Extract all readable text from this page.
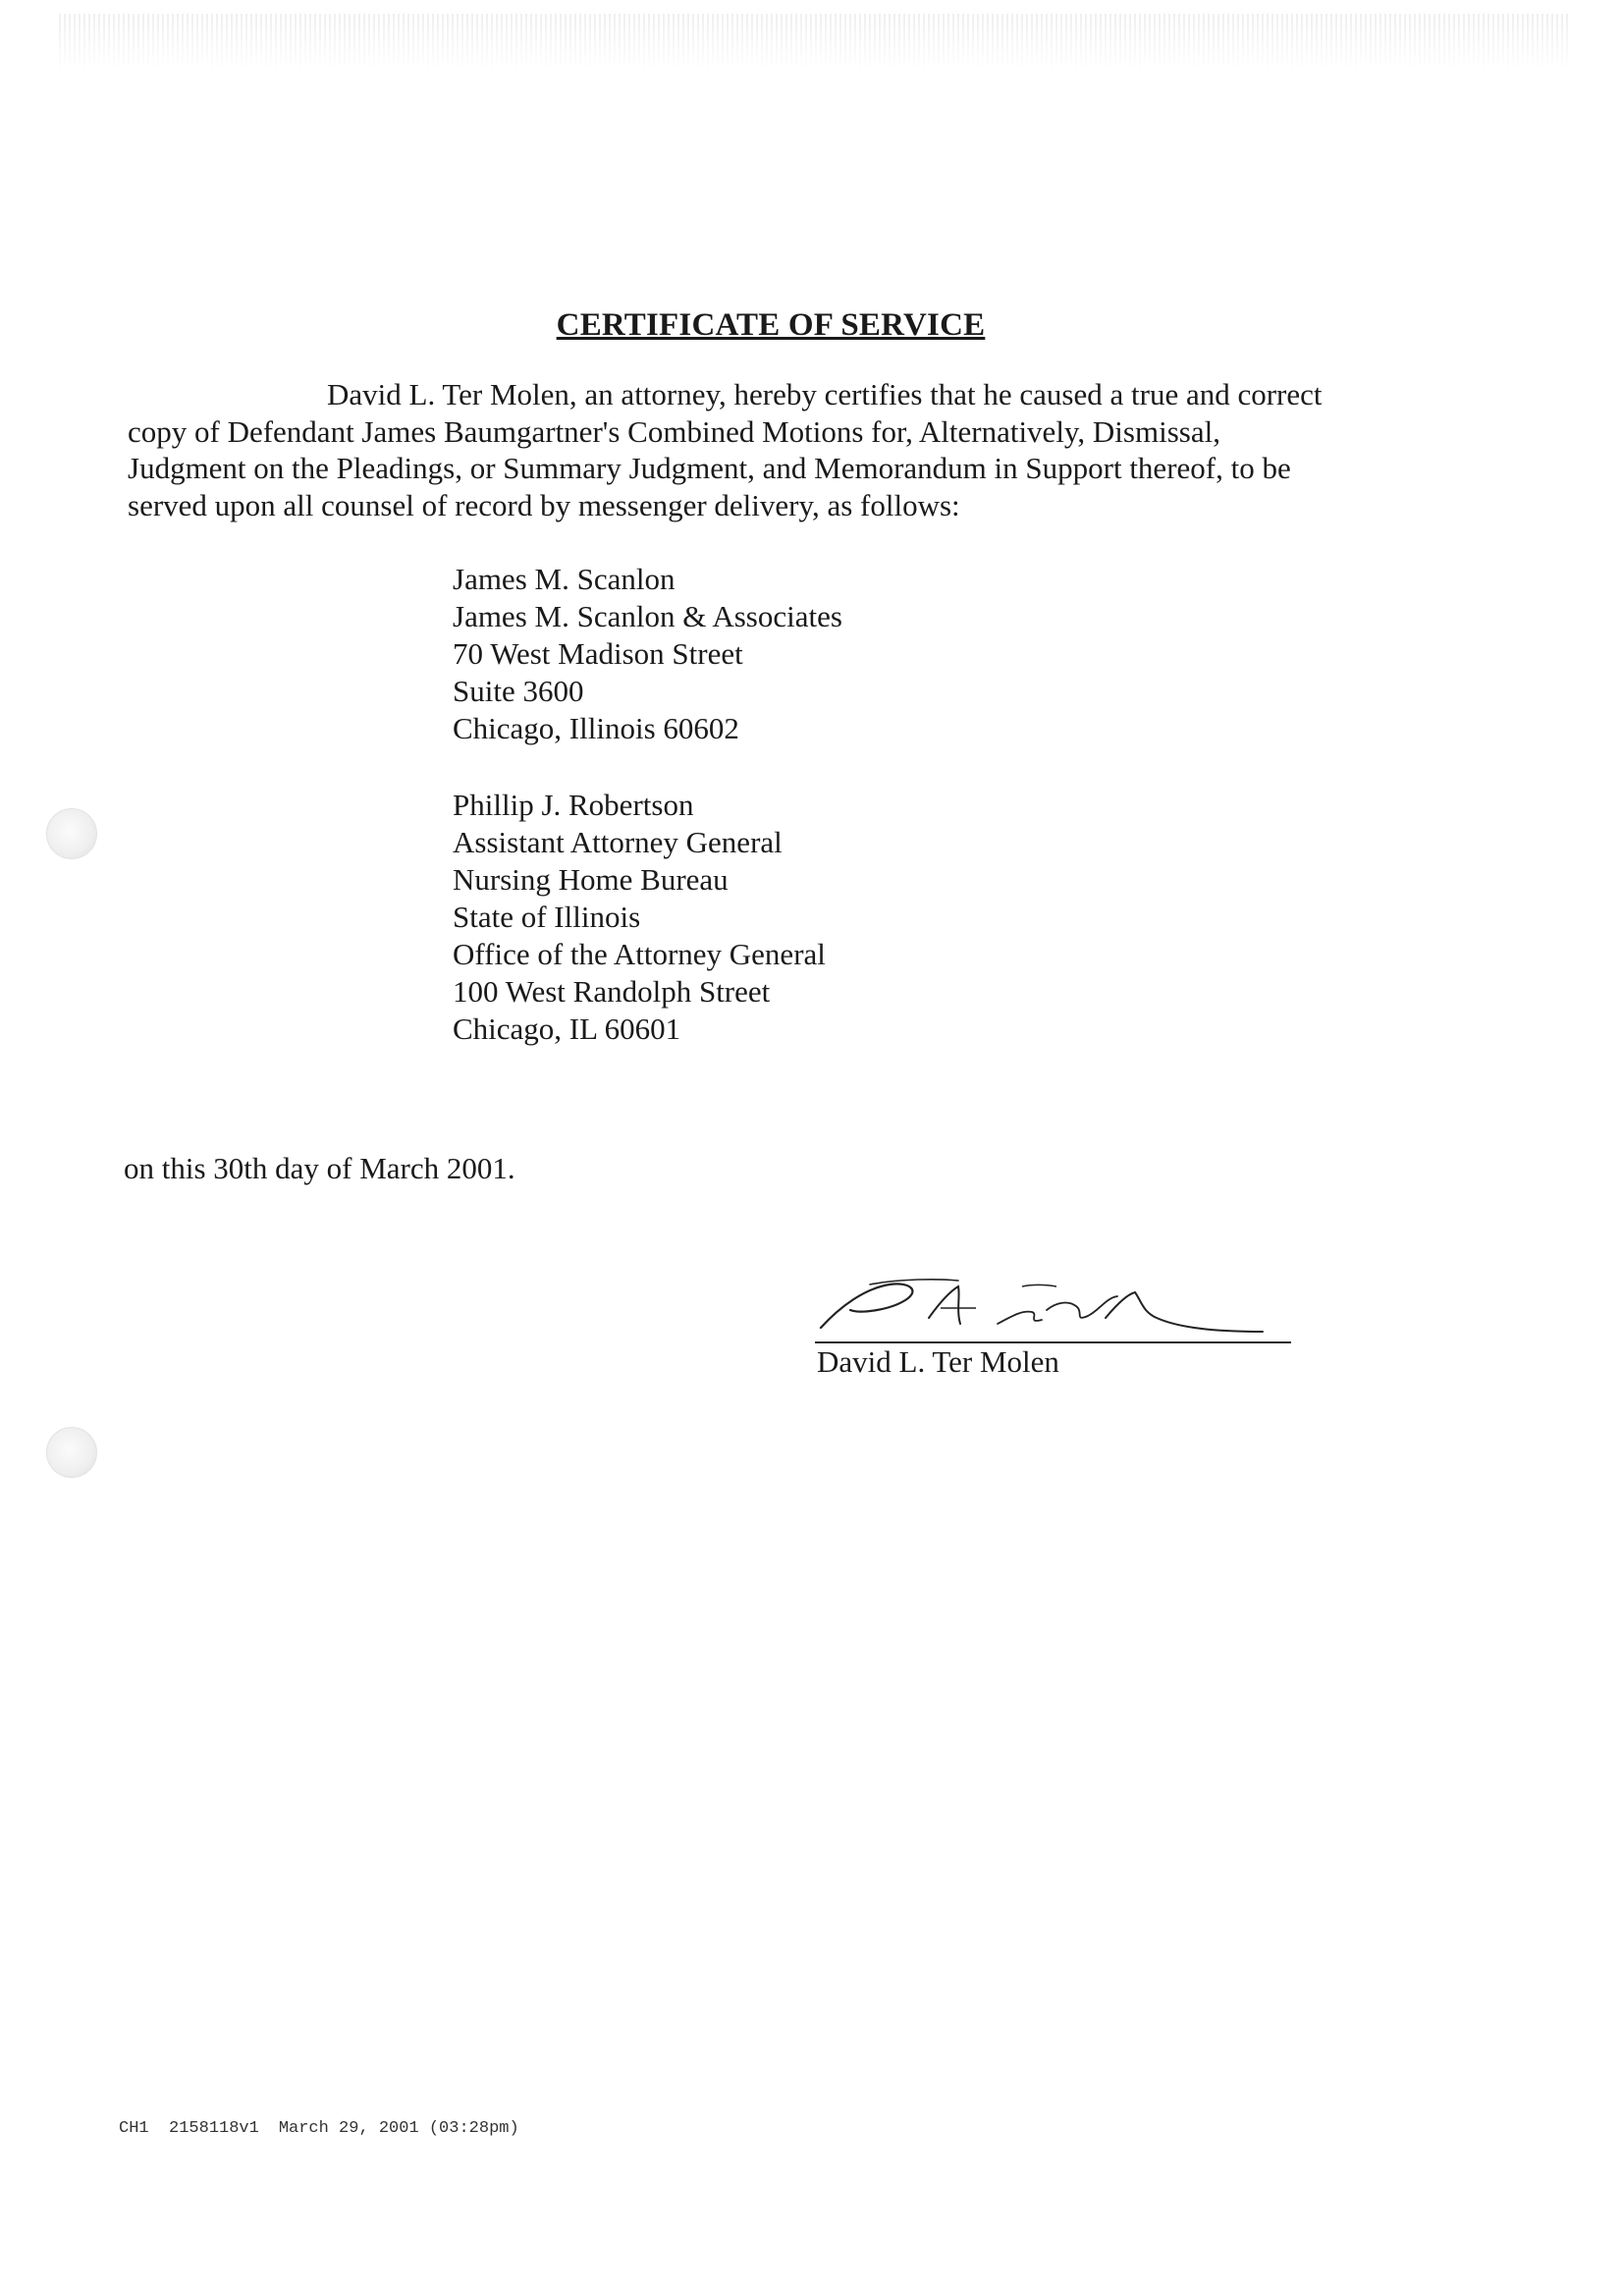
CERTIFICATE OF SERVICE
David L. Ter Molen, an attorney, hereby certifies that he caused a true and correct
copy of Defendant James Baumgartner's Combined Motions for, Alternatively, Dismissal,
Judgment on the Pleadings, or Summary Judgment, and Memorandum in Support thereof, to be
served upon all counsel of record by messenger delivery, as follows:
James M. Scanlon
James M. Scanlon & Associates
70 West Madison Street
Suite 3600
Chicago, Illinois 60602
Phillip J. Robertson
Assistant Attorney General
Nursing Home Bureau
State of Illinois
Office of the Attorney General
100 West Randolph Street
Chicago, IL 60601
on this 30th day of March 2001.
David L. Ter Molen
CH1  2158118v1 March 29, 2001 (03:28pm)
